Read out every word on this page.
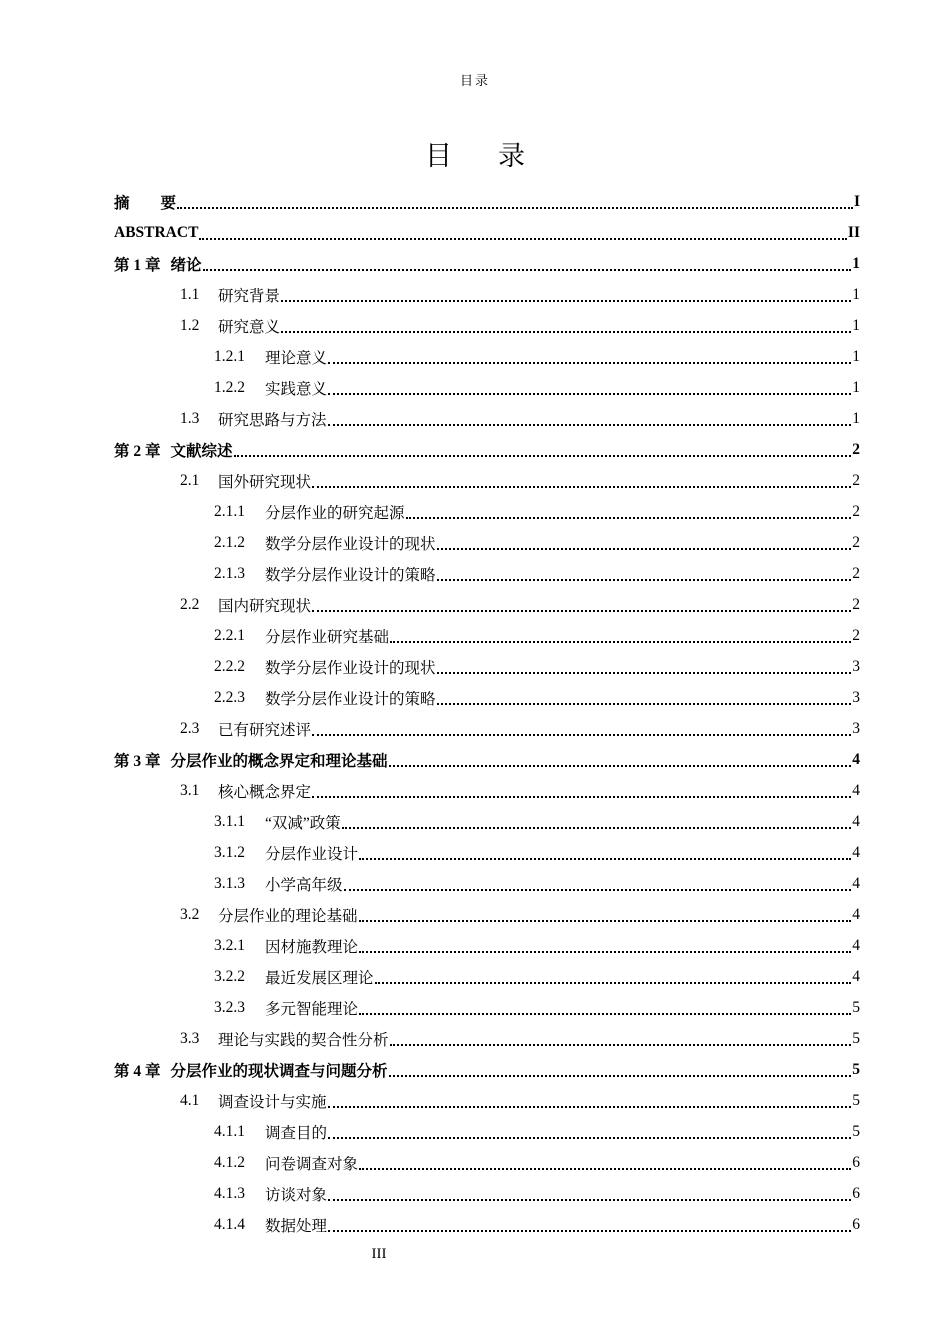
目录
目 录
摘        要	I
ABSTRACT	II
第 1 章 绪论	1
1.1	研究背景	1
1.2	研究意义	1
1.2.1	理论意义	1
1.2.2	实践意义	1
1.3	研究思路与方法	1
第 2 章 文献综述	2
2.1	国外研究现状	2
2.1.1	分层作业的研究起源	2
2.1.2	数学分层作业设计的现状	2
2.1.3	数学分层作业设计的策略	2
2.2	国内研究现状	2
2.2.1	分层作业研究基础	2
2.2.2	数学分层作业设计的现状	3
2.2.3	数学分层作业设计的策略	3
2.3	已有研究述评	3
第 3 章 分层作业的概念界定和理论基础	4
3.1	核心概念界定	4
3.1.1	“双减”政策	4
3.1.2	分层作业设计	4
3.1.3	小学高年级	4
3.2	分层作业的理论基础	4
3.2.1	因材施教理论	4
3.2.2	最近发展区理论	4
3.2.3	多元智能理论	5
3.3	理论与实践的契合性分析	5
第 4 章 分层作业的现状调查与问题分析	5
4.1	调查设计与实施	5
4.1.1	调查目的	5
4.1.2	问卷调查对象	6
4.1.3	访谈对象	6
4.1.4	数据处理	6
III
